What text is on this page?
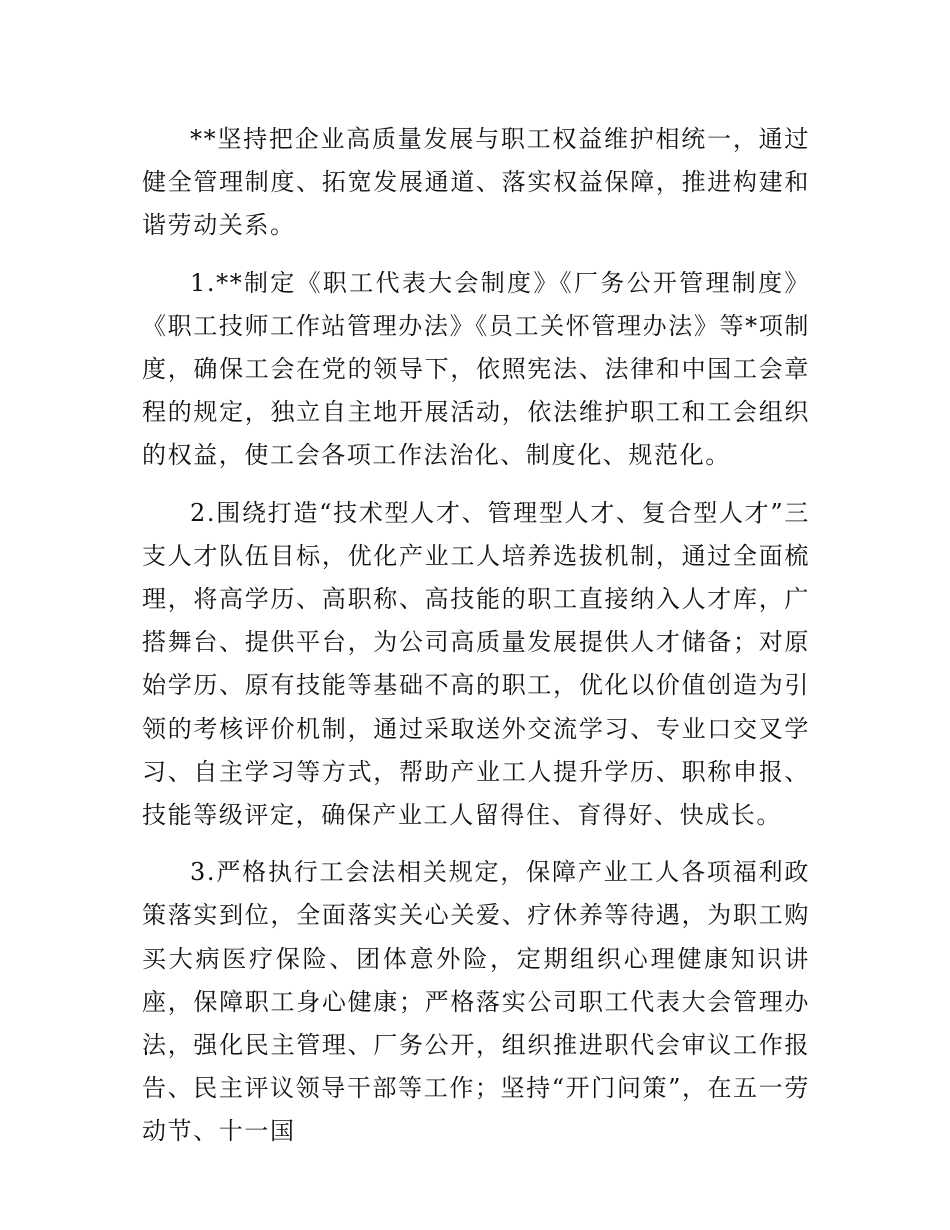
**坚持把企业高质量发展与职工权益维护相统一，通过健全管理制度、拓宽发展通道、落实权益保障，推进构建和谐劳动关系。

1.**制定《职工代表大会制度》《厂务公开管理制度》《职工技师工作站管理办法》《员工关怀管理办法》等*项制度，确保工会在党的领导下，依照宪法、法律和中国工会章程的规定，独立自主地开展活动，依法维护职工和工会组织的权益，使工会各项工作法治化、制度化、规范化。

2.围绕打造“技术型人才、管理型人才、复合型人才”三支人才队伍目标，优化产业工人培养选拔机制，通过全面梳理，将高学历、高职称、高技能的职工直接纳入人才库，广搭舞台、提供平台，为公司高质量发展提供人才储备；对原始学历、原有技能等基础不高的职工，优化以价值创造为引领的考核评价机制，通过采取送外交流学习、专业口交叉学习、自主学习等方式，帮助产业工人提升学历、职称申报、技能等级评定，确保产业工人留得住、育得好、快成长。

3.严格执行工会法相关规定，保障产业工人各项福利政策落实到位，全面落实关心关爱、疗休养等待遇，为职工购买大病医疗保险、团体意外险，定期组织心理健康知识讲座，保障职工身心健康；严格落实公司职工代表大会管理办法，强化民主管理、厂务公开，组织推进职代会审议工作报告、民主评议领导干部等工作；坚持“开门问策”，在五一劳动节、十一国
